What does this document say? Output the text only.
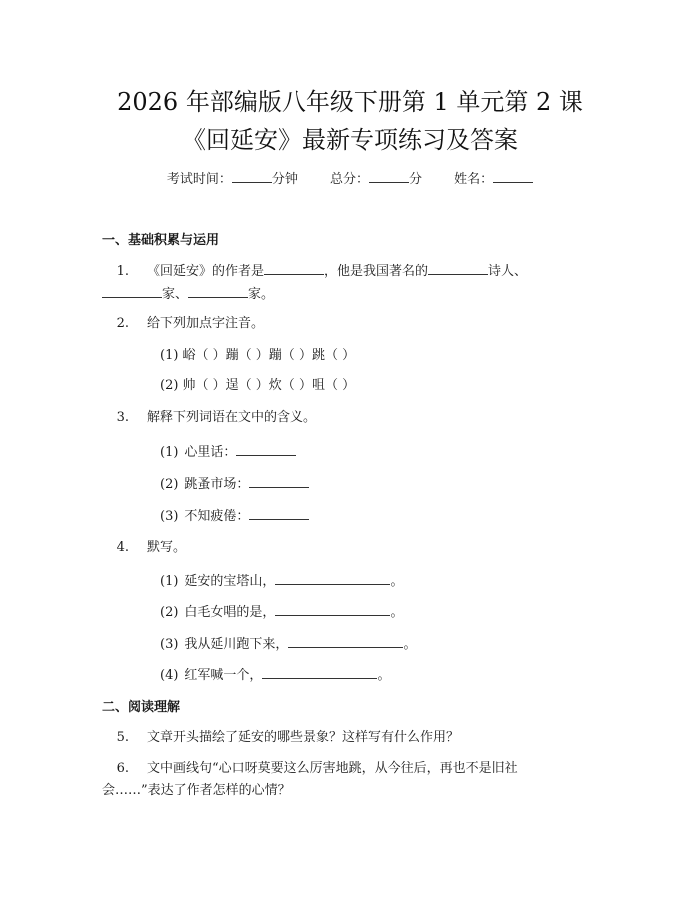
2026 年部编版八年级下册第 1 单元第 2 课
《回延安》最新专项练习及答案
考试时间：	分钟 总分：	分 姓名：
一、基础积累与运用
1. 《回延安》的作者是	，他是我国著名的	诗人、
家、	家。
2. 给下列加点字注音。
(1) 峪（ ）蹦（ ）蹦（ ）跳（ ）
(2) 帅（ ）逞（ ）炊（ ）咀（ ）
3. 解释下列词语在文中的含义。
(1) 心里话：
(2) 跳蚤市场：
(3) 不知疲倦：
4. 默写。
(1) 延安的宝塔山，	。
(2) 白毛女唱的是，	。
(3) 我从延川跑下来，	。
(4) 红军喊一个，	。
二、阅读理解
5. 文章开头描绘了延安的哪些景象？这样写有什么作用？
6. 文中画线句“心口呀莫要这么厉害地跳，从今往后，再也不是旧社
会……”表达了作者怎样的心情？
